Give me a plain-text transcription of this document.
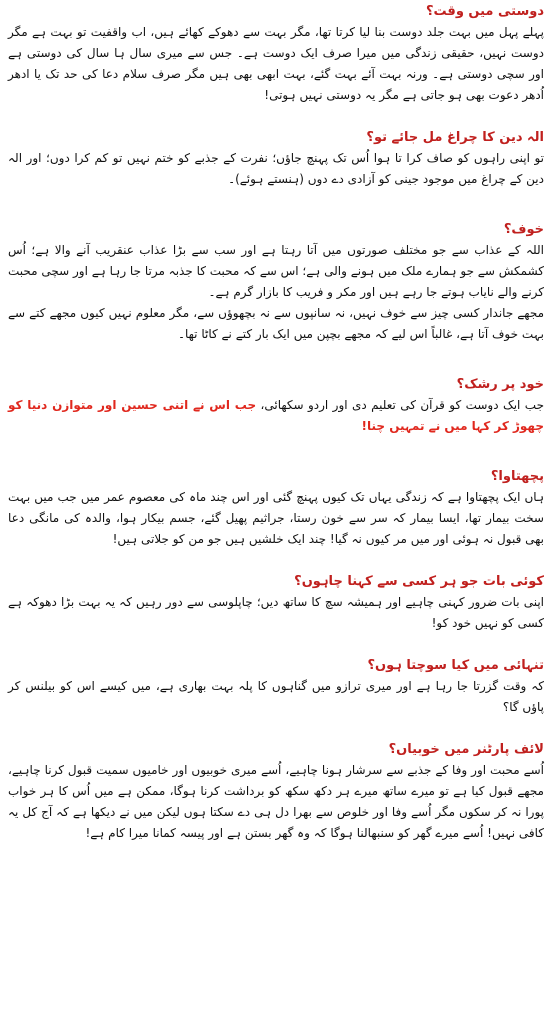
دوستی میں وقت؟

پہلے پہل میں بہت جلد دوست بنا لیا کرتا تھا، مگر بہت سے دھوکے کھائے ہیں، اب واقفیت تو بہت ہے مگر دوست نہیں، حقیقی زندگی میں میرا صرف ایک دوست ہے۔ جس سے میری سال ہا سال کی دوستی ہے اور سچی دوستی ہے۔ ورنہ بہت آئے بہت گئے، بہت ابھی بھی ہیں مگر صرف سلام دعا کی حد تک یا ادھر اُدھر دعوت بھی ہو جاتی ہے مگر یہ دوستی نہیں ہوتی!

الہ دین کا چراغ مل جائے تو؟

تو اپنی راہوں کو صاف کرا تا ہوا اُس تک پہنچ جاؤں؛ نفرت کے جذبے کو ختم نہیں تو کم کرا دوں؛ اور الہ دین کے چراغ میں موجود جینی کو آزادی دے دوں (ہنستے ہوئے)۔

خوف؟

اللہ کے عذاب سے جو مختلف صورتوں میں آتا رہتا ہے اور سب سے بڑا عذاب عنقریب آنے والا ہے؛ اُس کشمکش سے جو ہمارے ملک میں ہونے والی ہے؛ اس سے کہ محبت کا جذبہ مرتا جا رہا ہے اور سچی محبت کرنے والے نایاب ہوتے جا رہے ہیں اور مکر و فریب کا بازار گرم ہے۔

مجھے جاندار کسی چیز سے خوف نہیں، نہ سانپوں سے نہ بچھوؤں سے، مگر معلوم نہیں کیوں مجھے کتے سے بہت خوف آتا ہے، غالباً اس لیے کہ مجھے بچپن میں ایک بار کتے نے کاٹا تھا۔

خود پر رشک؟

جب ایک دوست کو قرآن کی تعلیم دی اور اردو سکھائی، جب اس نے اتنی حسین اور متوازن دنیا کو چھوڑ کر کہا میں نے تمہیں چنا!

پچھتاوا؟

ہاں ایک پچھتاوا ہے کہ زندگی یہاں تک کیوں پہنچ گئی اور اس چند ماہ کی معصوم عمر میں جب میں بہت سخت بیمار تھا، ایسا بیمار کہ سر سے خون رستا، جراثیم پھیل گئے، جسم بیکار ہوا، والدہ کی مانگی دعا بھی قبول نہ ہوئی اور میں مر کیوں نہ گیا! چند ایک خلشیں ہیں جو من کو جلاتی ہیں!

کوئی بات جو ہر کسی سے کہنا چاہوں؟

اپنی بات ضرور کہنی چاہیے اور ہمیشہ سچ کا ساتھ دیں؛ چاپلوسی سے دور رہیں کہ یہ بہت بڑا دھوکہ ہے کسی کو نہیں خود کو!

تنہائی میں کیا سوچتا ہوں؟

کہ وقت گزرتا جا رہا ہے اور میری ترازو میں گناہوں کا پلہ بہت بھاری ہے، میں کیسے اس کو بیلنس کر پاؤں گا؟

لائف پارٹنر میں خوبیاں؟

اُسے محبت اور وفا کے جذبے سے سرشار ہونا چاہیے، اُسے میری خوبیوں اور خامیوں سمیت قبول کرنا چاہیے، مجھے قبول کیا ہے تو میرے ساتھ میرے ہر دکھ سکھ کو برداشت کرنا ہوگا، ممکن ہے میں اُس کا ہر خواب پورا نہ کر سکوں مگر اُسے وفا اور خلوص سے بھرا دل ہی دے سکتا ہوں لیکن میں نے دیکھا ہے کہ آج کل یہ کافی نہیں! اُسے میرے گھر کو سنبھالنا ہوگا کہ وہ گھر بستن ہے اور پیسہ کمانا میرا کام ہے!
